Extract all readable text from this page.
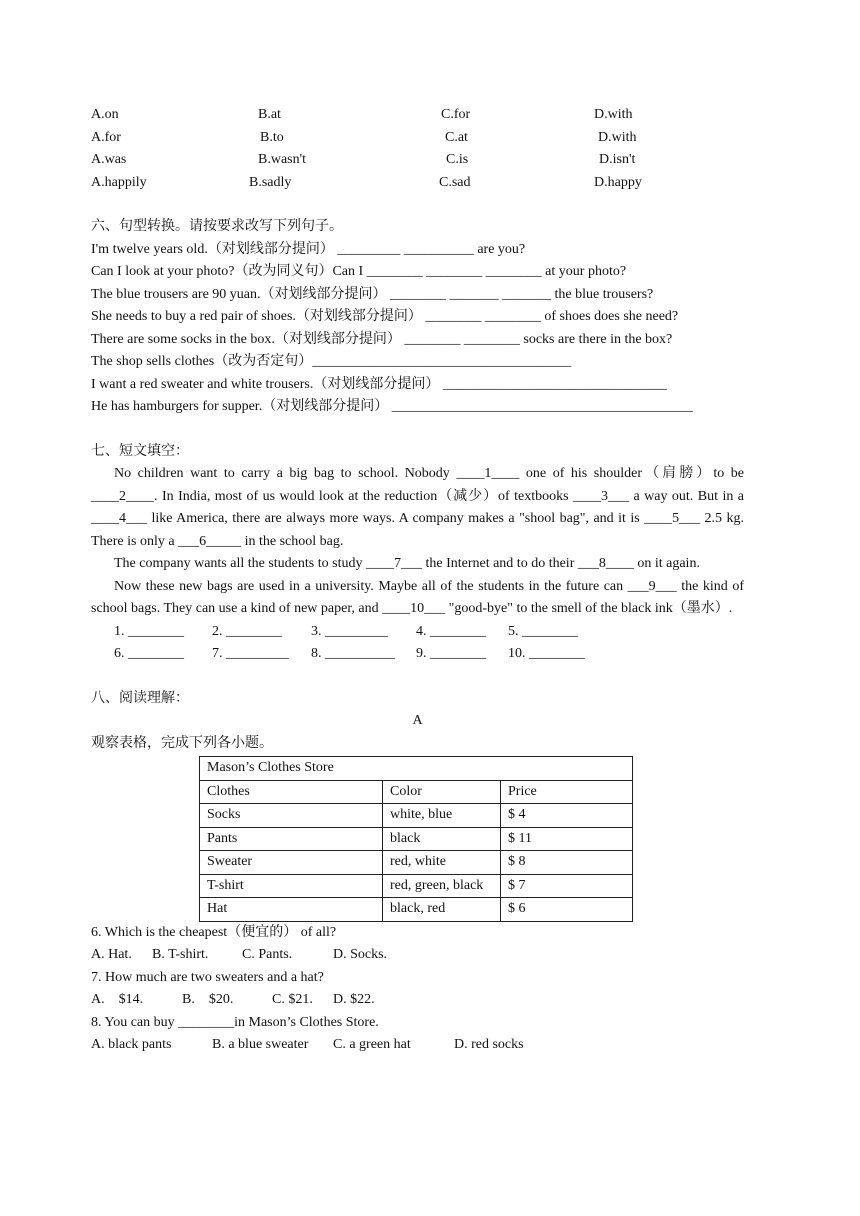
A.on	B.at	C.for	D.with
A.for	B.to	C.at	D.with
A.was	B.wasn't	C.is	D.isn't
A.happily	B.sadly	C.sad	D.happy
六、句型转换。请按要求改写下列句子。
I'm twelve years old.（对划线部分提问） _________ __________ are you?
Can I look at your photo?（改为同义句）Can I ________ ________ ________ at your photo?
The blue trousers are 90 yuan.（对划线部分提问） ________ _______ _______ the blue trousers?
She needs to buy a red pair of shoes.（对划线部分提问） ________ ________ of shoes does she need?
There are some socks in the box.（对划线部分提问） ________ ________ socks are there in the box?
The shop sells clothes（改为否定句）_____________________________________
I want a red sweater and white trousers.（对划线部分提问） ________________________________
He has hamburgers for supper.（对划线部分提问） ___________________________________________
七、短文填空：
No children want to carry a big bag to school. Nobody ____1____ one of his shoulder（肩膀）to be ____2____. In India, most of us would look at the reduction（减少）of textbooks ____3___ a way out. But in a ____4___ like America, there are always more ways. A company makes a "shool bag", and it is ____5___ 2.5 kg. There is only a ___6_____ in the school bag.
The company wants all the students to study ____7___ the Internet and to do their ___8____ on it again.
Now these new bags are used in a university. Maybe all of the students in the future can ___9___ the kind of school bags. They can use a kind of new paper, and ____10___ "good-bye" to the smell of the black ink（墨水）.
1. ________ 2. ________ 3. _________ 4. ________ 5. ________
6. ________ 7. _________ 8. __________ 9. ________ 10. ________
八、阅读理解：
A
观察表格，完成下列各小题。
Mason’s Clothes Store		
Clothes	Color	Price
Socks	white, blue	$ 4
Pants	black	$ 11
Sweater	red, white	$ 8
T-shirt	red, green, black	$ 7
Hat	black, red	$ 6
6. Which is the cheapest（便宜的） of all?
A. Hat. B. T-shirt. C. Pants.	D. Socks.
7. How much are two sweaters and a hat?
A.    $14.	B.    $20.	C. $21. D. $22.
8. You can buy ________in Mason’s Clothes Store.
A. black pants	B. a blue sweater C. a green hat	D. red socks
